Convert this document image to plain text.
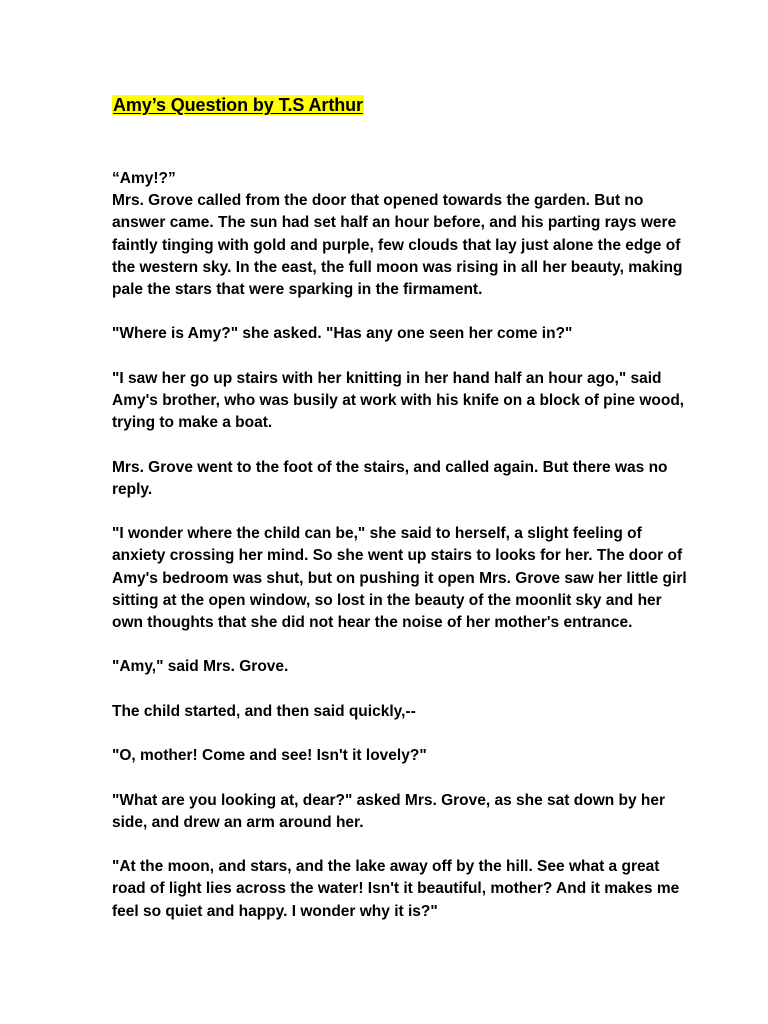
Amy’s Question by T.S Arthur

“Amy!?”

Mrs. Grove called from the door that opened towards the garden. But no answer came. The sun had set half an hour before, and his parting rays were faintly tinging with gold and purple, few clouds that lay just alone the edge of the western sky. In the east, the full moon was rising in all her beauty, making pale the stars that were sparking in the firmament.

"Where is Amy?" she asked. "Has any one seen her come in?"

"I saw her go up stairs with her knitting in her hand half an hour ago," said Amy's brother, who was busily at work with his knife on a block of pine wood, trying to make a boat.

Mrs. Grove went to the foot of the stairs, and called again. But there was no reply.

"I wonder where the child can be," she said to herself, a slight feeling of anxiety crossing her mind. So she went up stairs to looks for her. The door of Amy's bedroom was shut, but on pushing it open Mrs. Grove saw her little girl sitting at the open window, so lost in the beauty of the moonlit sky and her own thoughts that she did not hear the noise of her mother's entrance.

"Amy," said Mrs. Grove.

The child started, and then said quickly,--

"O, mother! Come and see! Isn't it lovely?"

"What are you looking at, dear?" asked Mrs. Grove, as she sat down by her side, and drew an arm around her.

"At the moon, and stars, and the lake away off by the hill. See what a great road of light lies across the water! Isn't it beautiful, mother? And it makes me feel so quiet and happy. I wonder why it is?"
